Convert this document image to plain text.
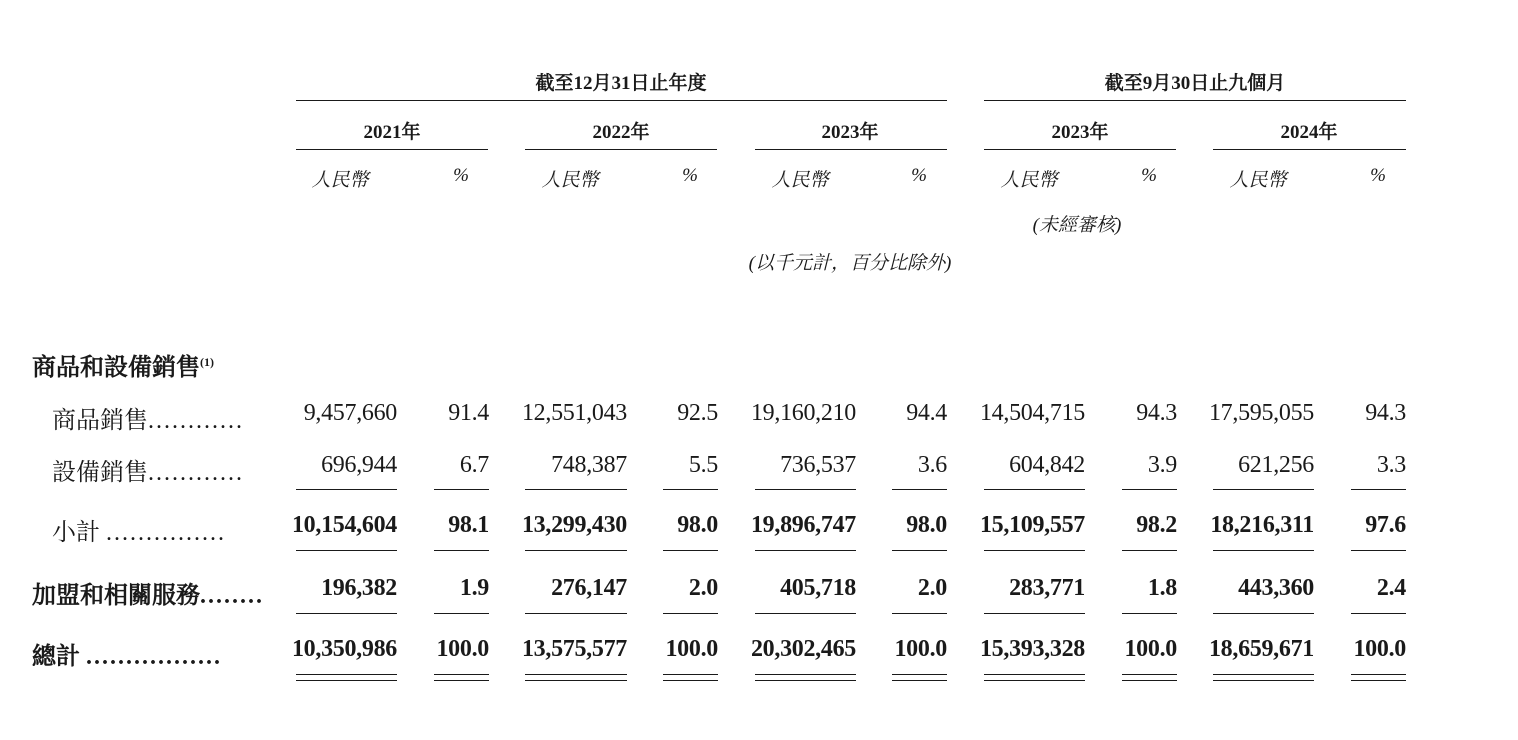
截至12月31日止年度	截至9月30日止九個月
2021年	2022年	2023年	2023年	2024年
人民幣	%	人民幣	%	人民幣	%	人民幣	%	人民幣	%
(未經審核)
(以千元計，百分比除外)
商品和設備銷售$^{(1)}$
商品銷售............	9,457,660	91.4	12,551,043	92.5	19,160,210	94.4	14,504,715	94.3	17,595,055	94.3
設備銷售............	696,944	6.7	748,387	5.5	736,537	3.6	604,842	3.9	621,256	3.3
小計 ...............	10,154,604	98.1	13,299,430	98.0	19,896,747	98.0	15,109,557	98.2	18,216,311	97.6
加盟和相關服務........	196,382	1.9	276,147	2.0	405,718	2.0	283,771	1.8	443,360	2.4
總計 .................	10,350,986	100.0	13,575,577	100.0	20,302,465	100.0	15,393,328	100.0	18,659,671	100.0
